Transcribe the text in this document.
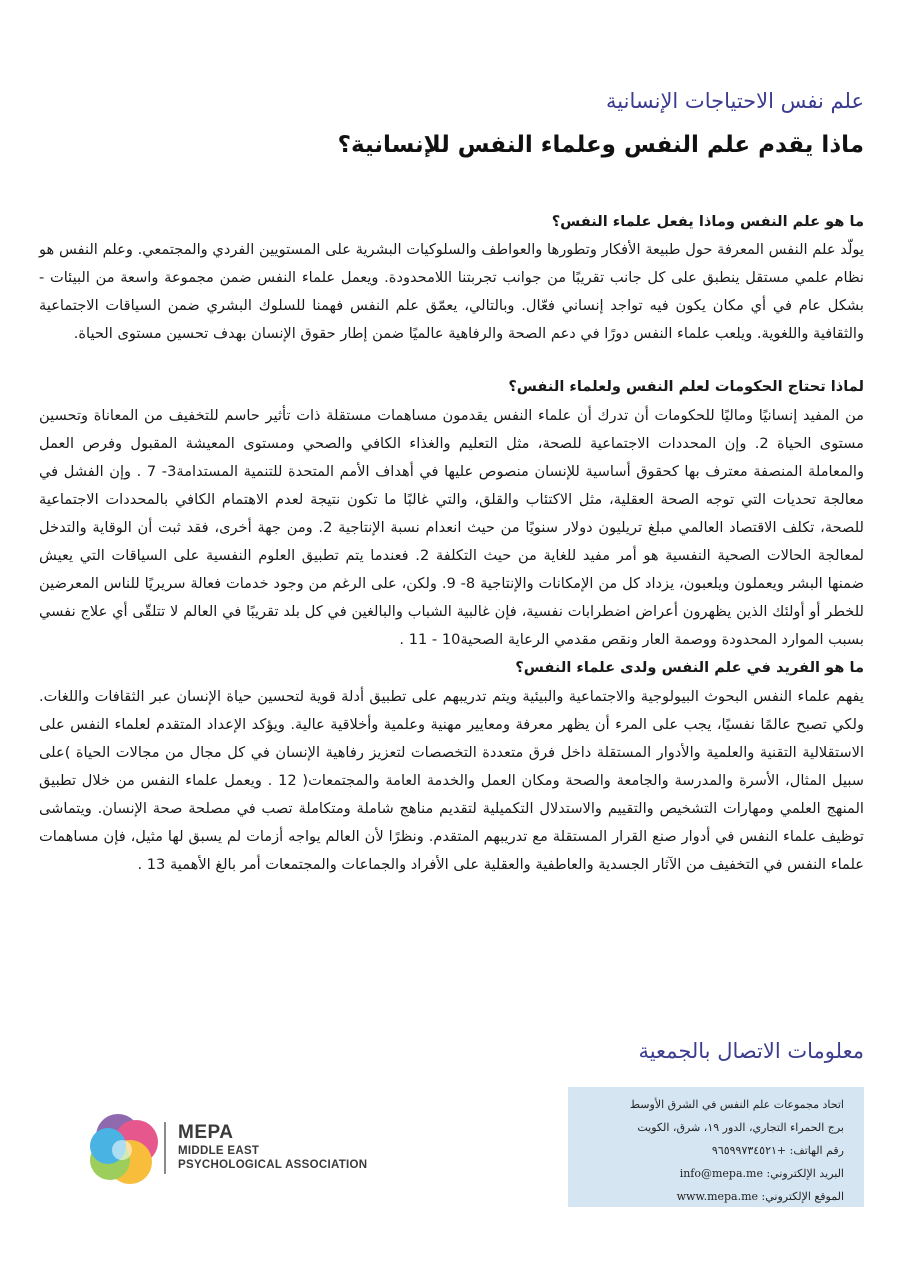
علم نفس الاحتياجات الإنسانية
ماذا يقدم علم النفس وعلماء النفس للإنسانية؟
ما هو علم النفس وماذا يفعل علماء النفس؟

يولّد علم النفس المعرفة حول طبيعة الأفكار وتطورها والعواطف والسلوكيات البشرية على المستويين الفردي والمجتمعي. وعلم النفس هو نظام علمي مستقل ينطبق على كل جانب تقريبًا من جوانب تجربتنا اللامحدودة. ويعمل علماء النفس ضمن مجموعة واسعة من البيئات - بشكل عام في أي مكان يكون فيه تواجد إنساني فعّال. وبالتالي، يعمّق علم النفس فهمنا للسلوك البشري ضمن السياقات الاجتماعية والثقافية واللغوية. ويلعب علماء النفس دورًا في دعم الصحة والرفاهية عالميًا ضمن إطار حقوق الإنسان بهدف تحسين مستوى الحياة.

لماذا تحتاج الحكومات لعلم النفس ولعلماء النفس؟

من المفيد إنسانيًا وماليًا للحكومات أن تدرك أن علماء النفس يقدمون مساهمات مستقلة ذات تأثير حاسم للتخفيف من المعاناة وتحسين مستوى الحياة 2. وإن المحددات الاجتماعية للصحة، مثل التعليم والغذاء الكافي والصحي ومستوى المعيشة المقبول وفرص العمل والمعاملة المنصفة معترف بها كحقوق أساسية للإنسان منصوص عليها في أهداف الأمم المتحدة للتنمية المستدامة3- 7 . وإن الفشل في معالجة تحديات التي توجه الصحة العقلية، مثل الاكتئاب والقلق، والتي غالبًا ما تكون نتيجة لعدم الاهتمام الكافي بالمحددات الاجتماعية للصحة، تكلف الاقتصاد العالمي مبلغ تريليون دولار سنويًا من حيث انعدام نسبة الإنتاجية 2. ومن جهة أخرى، فقد ثبت أن الوقاية والتدخل لمعالجة الحالات الصحية النفسية هو أمر مفيد للغاية من حيث التكلفة 2. فعندما يتم تطبيق العلوم النفسية على السياقات التي يعيش ضمنها البشر ويعملون ويلعبون، يزداد كل من الإمكانات والإنتاجية 8- 9. ولكن، على الرغم من وجود خدمات فعالة سريريًا للناس المعرضين للخطر أو أولئك الذين يظهرون أعراض اضطرابات نفسية، فإن غالبية الشباب والبالغين في كل بلد تقريبًا في العالم لا تتلقّى أي علاج نفسي بسبب الموارد المحدودة ووصمة العار ونقص مقدمي الرعاية الصحية10 - 11 .

ما هو الفريد في علم النفس ولدى علماء النفس؟

يفهم علماء النفس البحوث البيولوجية والاجتماعية والبيئية ويتم تدريبهم على تطبيق أدلة قوية لتحسين حياة الإنسان عبر الثقافات واللغات. ولكي تصبح عالمًا نفسيًا، يجب على المرء أن يظهر معرفة ومعايير مهنية وعلمية وأخلاقية عالية. ويؤكد الإعداد المتقدم لعلماء النفس على الاستقلالية التقنية والعلمية والأدوار المستقلة داخل فرق متعددة التخصصات لتعزيز رفاهية الإنسان في كل مجال من مجالات الحياة )على سبيل المثال، الأسرة والمدرسة والجامعة والصحة ومكان العمل والخدمة العامة والمجتمعات( 12 . ويعمل علماء النفس من خلال تطبيق المنهج العلمي ومهارات التشخيص والتقييم والاستدلال التكميلية لتقديم مناهج شاملة ومتكاملة تصب في مصلحة صحة الإنسان. ويتماشى توظيف علماء النفس في أدوار صنع القرار المستقلة مع تدريبهم المتقدم. ونظرًا لأن العالم يواجه أزمات لم يسبق لها مثيل، فإن مساهمات علماء النفس في التخفيف من الآثار الجسدية والعاطفية والعقلية على الأفراد والجماعات والمجتمعات أمر بالغ الأهمية 13 .

معلومات الاتصال بالجمعية
اتحاد مجموعات علم النفس في الشرق الأوسط
برج الحمراء التجاري، الدور ١٩، شرق، الكويت
رقم الهاتف: +٩٦٥٩٩٧٣٤٥٢١
البريد الإلكتروني: info@mepa.me
الموقع الإلكتروني: www.mepa.me
MEPA
MIDDLE EAST
PSYCHOLOGICAL ASSOCIATION
